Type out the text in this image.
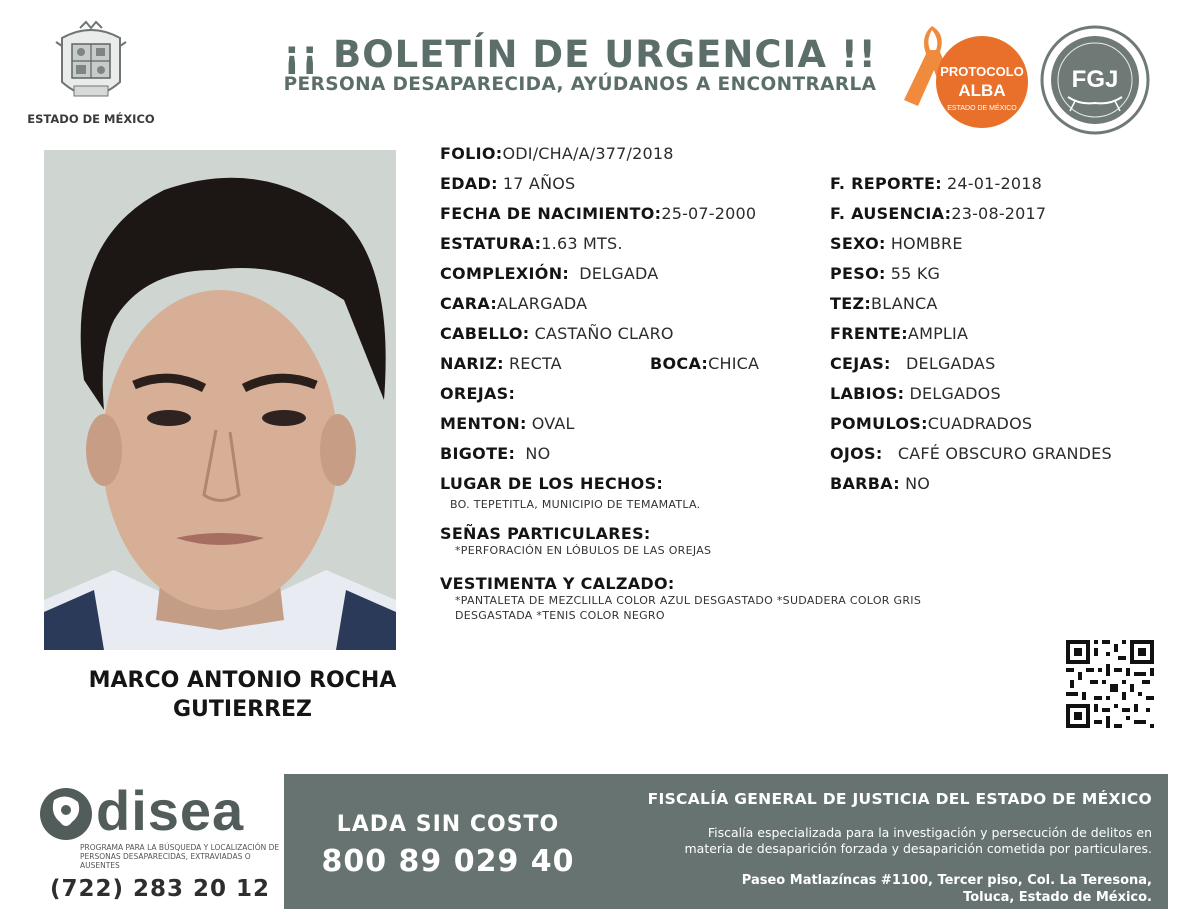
ESTADO DE MÉXICO
¡¡ BOLETÍN DE URGENCIA !!
PERSONA DESAPARECIDA, AYÚDANOS A ENCONTRARLA
PROTOCOLO
ALBA
ESTADO DE MÉXICO
FGJ
MARCO ANTONIO ROCHA
GUTIERREZ
FOLIO:ODI/CHA/A/377/2018
EDAD: 17 AÑOS
FECHA DE NACIMIENTO:25-07-2000
ESTATURA:1.63 MTS.
COMPLEXIÓN: DELGADA
CARA:ALARGADA
CABELLO: CASTAÑO CLARO
NARIZ: RECTA	BOCA:CHICA
OREJAS:
MENTON: OVAL
BIGOTE: NO
LUGAR DE LOS HECHOS:
BO. TEPETITLA, MUNICIPIO DE TEMAMATLA.
SEÑAS PARTICULARES:
*PERFORACIÓN EN LÓBULOS DE LAS OREJAS
VESTIMENTA Y CALZADO:
*PANTALETA DE MEZCLILLA COLOR AZUL DESGASTADO *SUDADERA COLOR GRIS
DESGASTADA *TENIS COLOR NEGRO
F. REPORTE: 24-01-2018
F. AUSENCIA:23-08-2017
SEXO: HOMBRE
PESO: 55 KG
TEZ:BLANCA
FRENTE:AMPLIA
CEJAS: DELGADAS
LABIOS: DELGADOS
POMULOS:CUADRADOS
OJOS: CAFÉ OBSCURO GRANDES
BARBA: NO
disea
PROGRAMA PARA LA BÚSQUEDA Y LOCALIZACIÓN DE PERSONAS DESAPARECIDAS, EXTRAVIADAS O AUSENTES
(722) 283 20 12
LADA SIN COSTO
800 89 029 40
FISCALÍA GENERAL DE JUSTICIA DEL ESTADO DE MÉXICO
Fiscalía especializada para la investigación y persecución de delitos en
materia de desaparición forzada y desaparición cometida por particulares.
Paseo Matlazíncas #1100, Tercer piso, Col. La Teresona,
Toluca, Estado de México.
